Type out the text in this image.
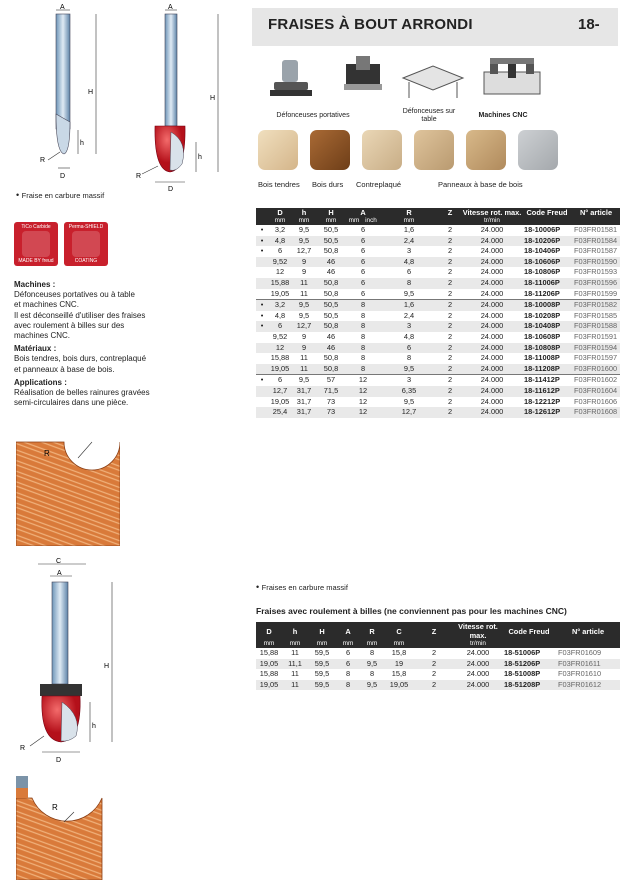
FRAISES À BOUT ARRONDI	18-
A
H
h
R
D
A
H
h
R
D
• Fraise en carbure massif
Défonceuses portatives
Défonceuses sur table
Machines CNC
Bois tendres Bois durs Contreplaqué	Panneaux à base de bois
TiCo Carbide
MADE BY freud
Perma-SHIELD
COATING
Machines :
Défonceuses portatives ou à table
et machines CNC.
Il est déconseillé d'utiliser des fraises
avec roulement à billes sur des
machines CNC.
Matériaux :
Bois tendres, bois durs, contreplaqué
et panneaux à base de bois.
Applications :
Réalisation de belles rainures gravées
semi-circulaires dans une pièce.
R
C
A
H
h
R
D
R
	D	h	H	A		R	Z	Vitesse rot. max.	Code Freud	N° article
	mm	mm	mm	mm	inch	mm		tr/min		
•	3,2	9,5	50,5	6		1,6	2	24.000	18-10006P	F03FR01581
•	4,8	9,5	50,5	6		2,4	2	24.000	18-10206P	F03FR01584
•	6	12,7	50,8	6		3	2	24.000	18-10406P	F03FR01587
	9,52	9	46	6		4,8	2	24.000	18-10606P	F03FR01590
	12	9	46	6		6	2	24.000	18-10806P	F03FR01593
	15,88	11	50,8	6		8	2	24.000	18-11006P	F03FR01596
	19,05	11	50,8	6		9,5	2	24.000	18-11206P	F03FR01599
•	3,2	9,5	50,5	8		1,6	2	24.000	18-10008P	F03FR01582
•	4,8	9,5	50,5	8		2,4	2	24.000	18-10208P	F03FR01585
•	6	12,7	50,8	8		3	2	24.000	18-10408P	F03FR01588
	9,52	9	46	8		4,8	2	24.000	18-10608P	F03FR01591
	12	9	46	8		6	2	24.000	18-10808P	F03FR01594
	15,88	11	50,8	8		8	2	24.000	18-11008P	F03FR01597
	19,05	11	50,8	8		9,5	2	24.000	18-11208P	F03FR01600
•	6	9,5	57	12		3	2	24.000	18-11412P	F03FR01602
	12,7	31,7	71,5	12		6,35	2	24.000	18-11612P	F03FR01604
	19,05	31,7	73	12		9,5	2	24.000	18-12212P	F03FR01606
	25,4	31,7	73	12		12,7	2	24.000	18-12612P	F03FR01608
• Fraises en carburе massif
Fraises avec roulement à billes (ne conviennent pas pour les machines CNC)
D	h	H	A	R	C	Z	Vitesse rot. max.	Code Freud	N° article
mm	mm	mm	mm	mm	mm		tr/min		
15,88	11	59,5	6	8	15,8	2	24.000	18-51006P	F03FR01609
19,05	11,1	59,5	6	9,5	19	2	24.000	18-51206P	F03FR01611
15,88	11	59,5	8	8	15,8	2	24.000	18-51008P	F03FR01610
19,05	11	59,5	8	9,5	19,05	2	24.000	18-51208P	F03FR01612
